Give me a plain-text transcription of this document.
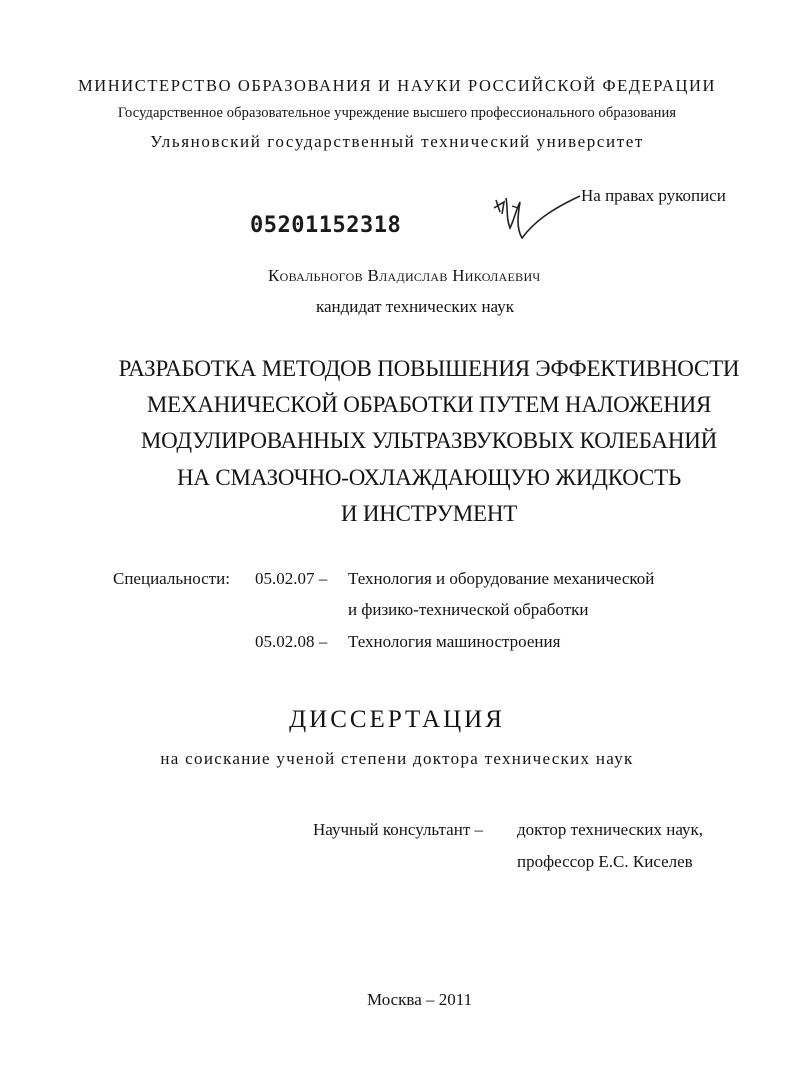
МИНИСТЕРСТВО ОБРАЗОВАНИЯ И НАУКИ РОССИЙСКОЙ ФЕДЕРАЦИИ
Государственное образовательное учреждение высшего профессионального образования
Ульяновский государственный технический университет
05201152318
На правах рукописи
Ковальногов Владислав Николаевич
кандидат технических наук
РАЗРАБОТКА МЕТОДОВ ПОВЫШЕНИЯ ЭФФЕКТИВНОСТИ
МЕХАНИЧЕСКОЙ ОБРАБОТКИ ПУТЕМ НАЛОЖЕНИЯ
МОДУЛИРОВАННЫХ УЛЬТРАЗВУКОВЫХ КОЛЕБАНИЙ
НА СМАЗОЧНО-ОХЛАЖДАЮЩУЮ ЖИДКОСТЬ
И ИНСТРУМЕНТ
Специальности: 05.02.07 – Технология и оборудование механической
и физико-технической обработки
05.02.08 – Технология машиностроения
ДИССЕРТАЦИЯ
на соискание ученой степени доктора технических наук
Научный консультант – доктор технических наук,
профессор Е.С. Киселев
Москва – 2011
